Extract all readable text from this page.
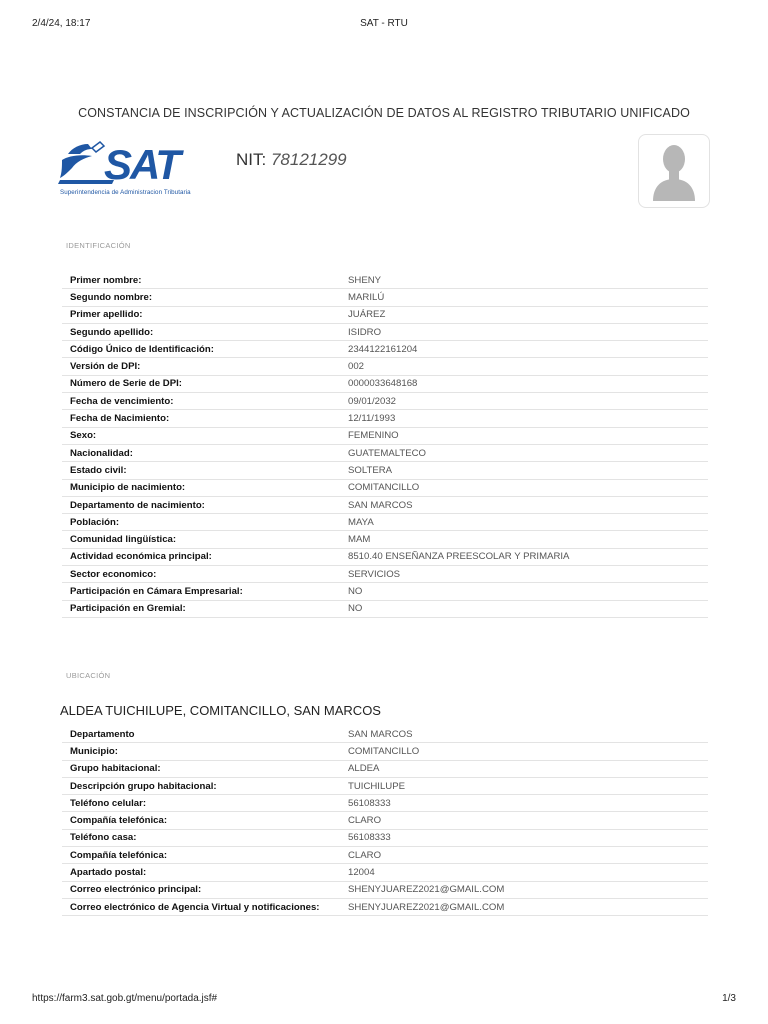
2/4/24, 18:17	SAT - RTU
CONSTANCIA DE INSCRIPCIÓN Y ACTUALIZACIÓN DE DATOS AL REGISTRO TRIBUTARIO UNIFICADO
SAT
Superintendencia de Administracion Tributaria
NIT: 78121299
IDENTIFICACIÓN
Primer nombre:	SHENY
Segundo nombre:	MARILÚ
Primer apellido:	JUÁREZ
Segundo apellido:	ISIDRO
Código Único de Identificación:	2344122161204
Versión de DPI:	002
Número de Serie de DPI:	0000033648168
Fecha de vencimiento:	09/01/2032
Fecha de Nacimiento:	12/11/1993
Sexo:	FEMENINO
Nacionalidad:	GUATEMALTECO
Estado civil:	SOLTERA
Municipio de nacimiento:	COMITANCILLO
Departamento de nacimiento:	SAN MARCOS
Población:	MAYA
Comunidad lingüística:	MAM
Actividad económica principal:	8510.40 ENSEÑANZA PREESCOLAR Y PRIMARIA
Sector economico:	SERVICIOS
Participación en Cámara Empresarial:	NO
Participación en Gremial:	NO
UBICACIÓN
ALDEA TUICHILUPE, COMITANCILLO, SAN MARCOS
Departamento	SAN MARCOS
Municipio:	COMITANCILLO
Grupo habitacional:	ALDEA
Descripción grupo habitacional:	TUICHILUPE
Teléfono celular:	56108333
Compañía telefónica:	CLARO
Teléfono casa:	56108333
Compañía telefónica:	CLARO
Apartado postal:	12004
Correo electrónico principal:	SHENYJUAREZ2021@GMAIL.COM
Correo electrónico de Agencia Virtual y notificaciones:	SHENYJUAREZ2021@GMAIL.COM
https://farm3.sat.gob.gt/menu/portada.jsf#	1/3
